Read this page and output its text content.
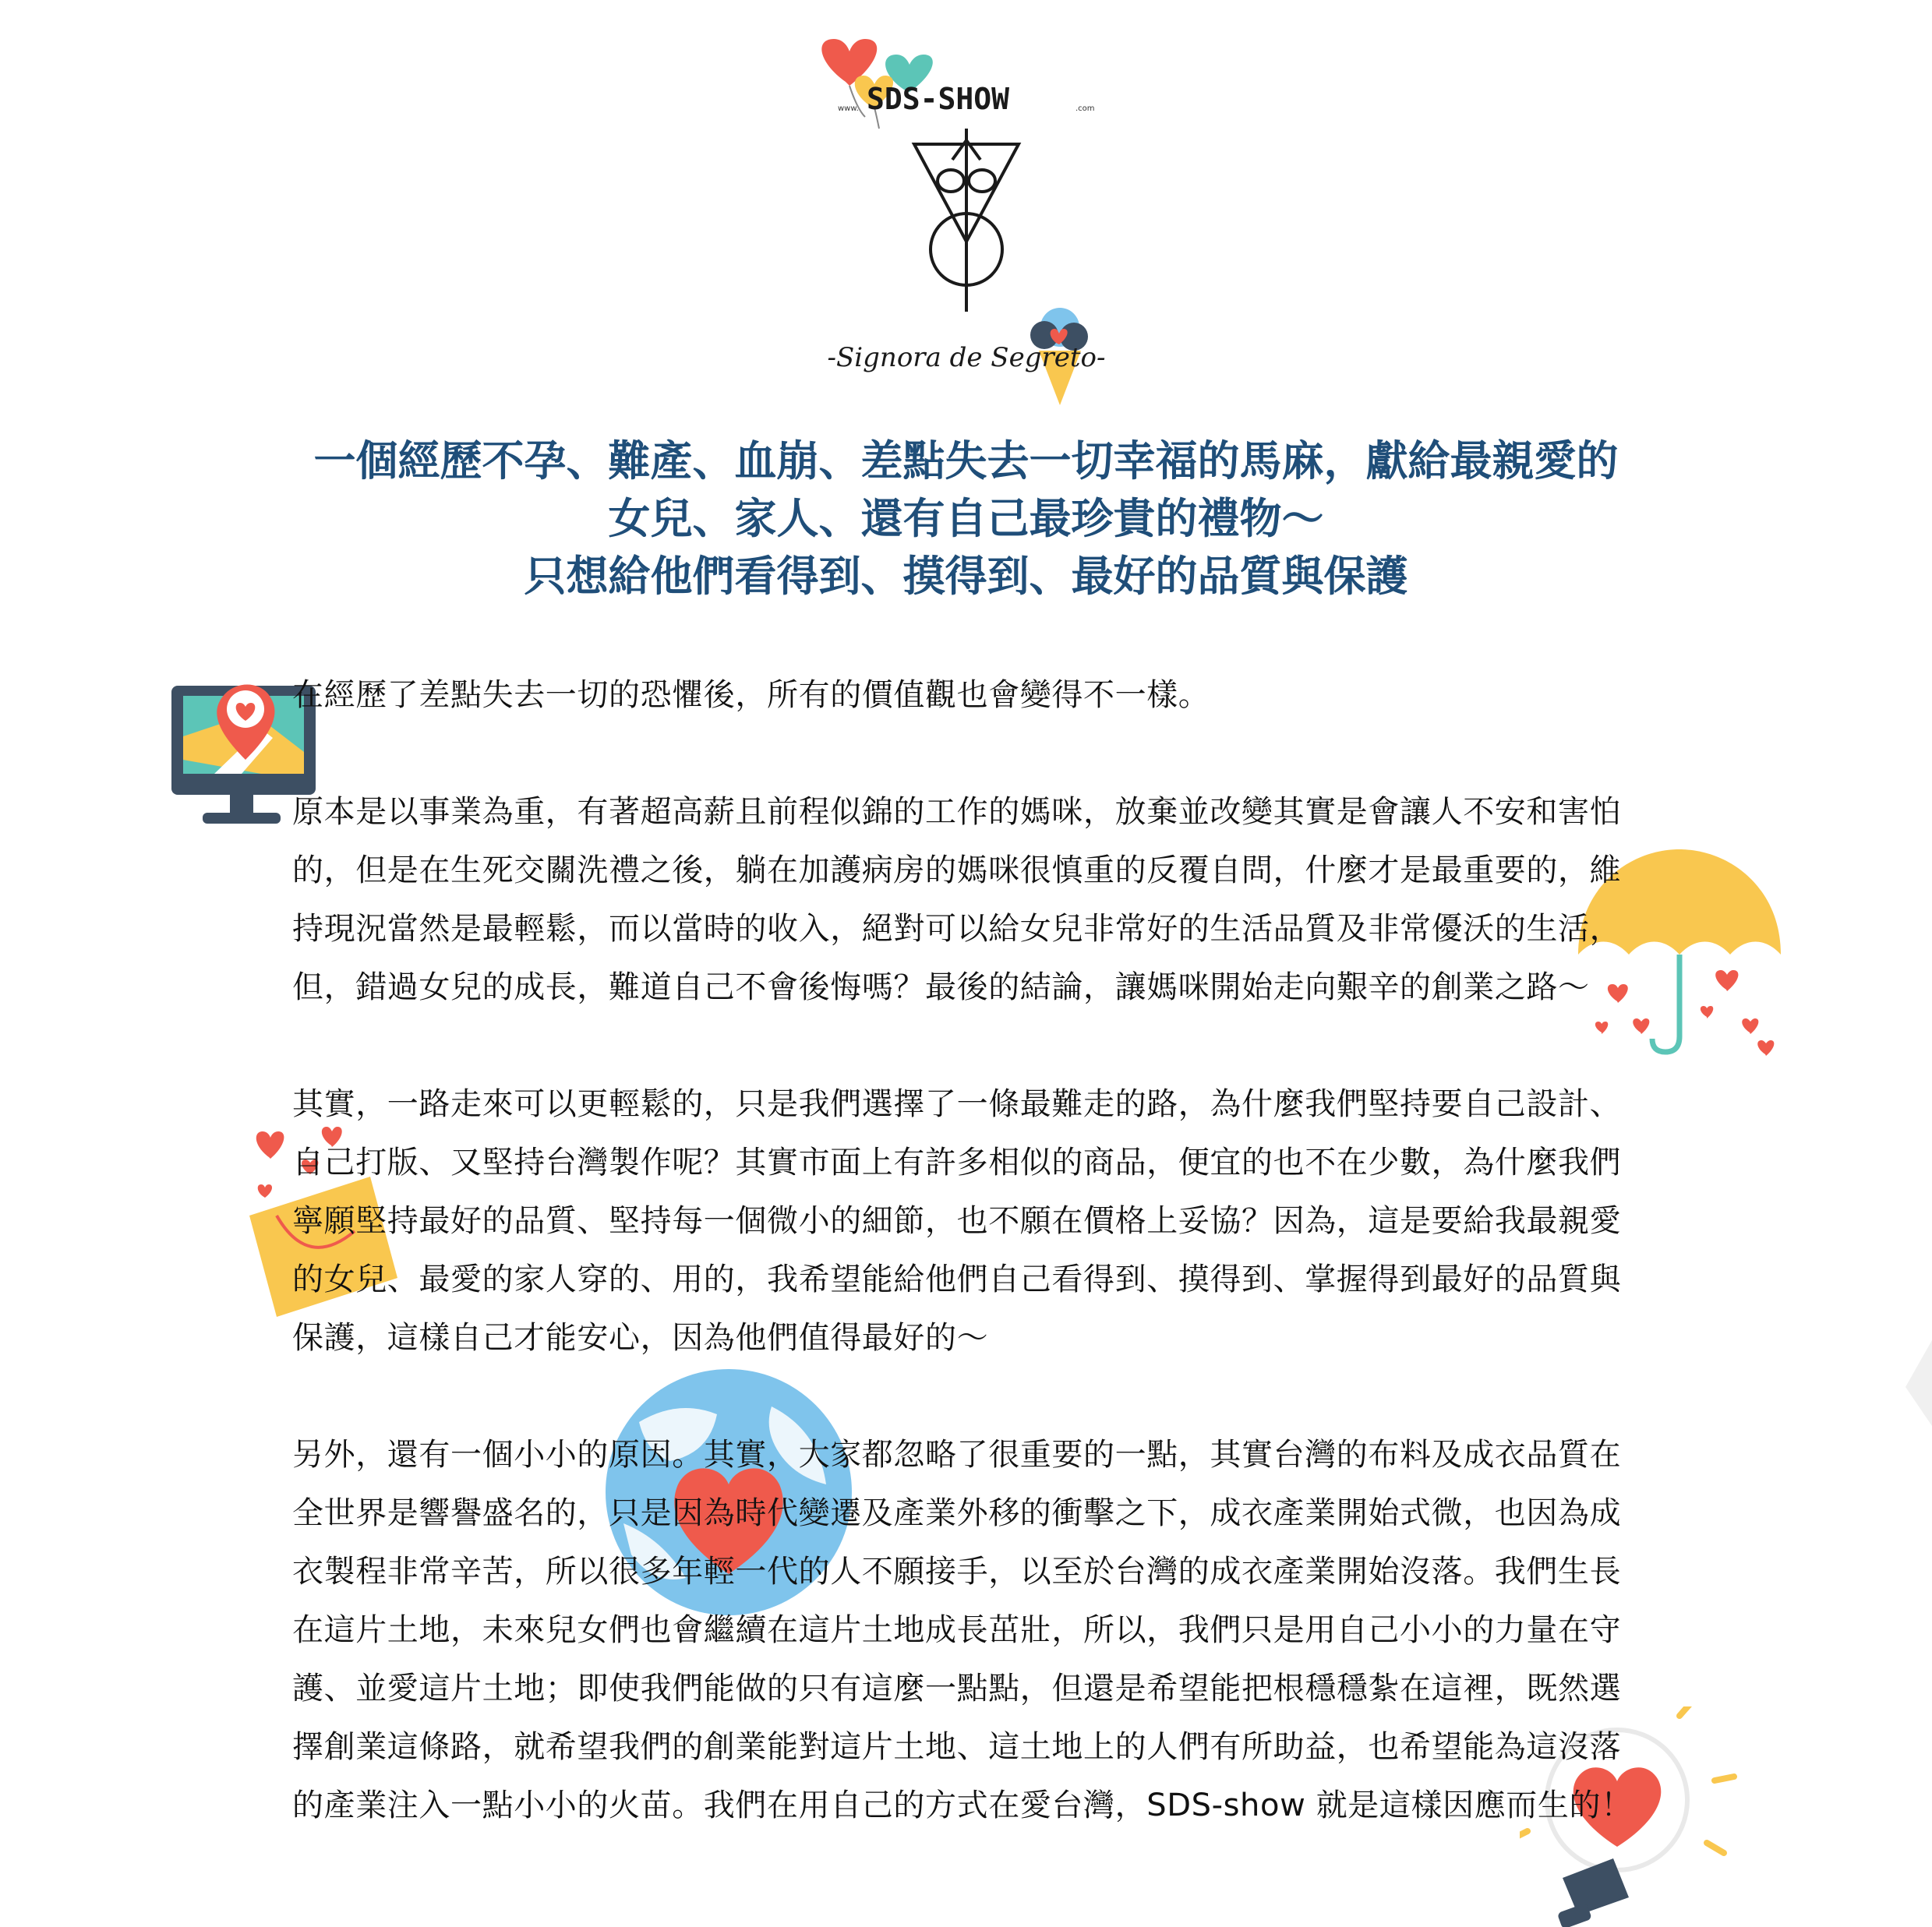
SDS-SHOW
www.	.com
-Signora de Segreto-
一個經歷不孕、難產、血崩、差點失去一切幸福的馬麻，獻給最親愛的
女兒、家人、還有自己最珍貴的禮物～
只想給他們看得到、摸得到、最好的品質與保護
在經歷了差點失去一切的恐懼後，所有的價值觀也會變得不一樣。
原本是以事業為重，有著超高薪且前程似錦的工作的媽咪，放棄並改變其實是會讓人不安和害怕
的，但是在生死交關洗禮之後，躺在加護病房的媽咪很慎重的反覆自問，什麼才是最重要的，維
持現況當然是最輕鬆，而以當時的收入，絕對可以給女兒非常好的生活品質及非常優沃的生活，
但，錯過女兒的成長，難道自己不會後悔嗎？最後的結論，讓媽咪開始走向艱辛的創業之路～
其實，一路走來可以更輕鬆的，只是我們選擇了一條最難走的路，為什麼我們堅持要自己設計、
自己打版、又堅持台灣製作呢？其實市面上有許多相似的商品，便宜的也不在少數，為什麼我們
寧願堅持最好的品質、堅持每一個微小的細節，也不願在價格上妥協？因為，這是要給我最親愛
的女兒、最愛的家人穿的、用的，我希望能給他們自己看得到、摸得到、掌握得到最好的品質與
保護，這樣自己才能安心，因為他們值得最好的～
另外，還有一個小小的原因。其實，大家都忽略了很重要的一點，其實台灣的布料及成衣品質在
全世界是響譽盛名的，只是因為時代變遷及產業外移的衝擊之下，成衣產業開始式微，也因為成
衣製程非常辛苦，所以很多年輕一代的人不願接手，以至於台灣的成衣產業開始沒落。我們生長
在這片土地，未來兒女們也會繼續在這片土地成長茁壯，所以，我們只是用自己小小的力量在守
護、並愛這片土地；即使我們能做的只有這麼一點點，但還是希望能把根穩穩紮在這裡，既然選
擇創業這條路，就希望我們的創業能對這片土地、這土地上的人們有所助益，也希望能為這沒落
的產業注入一點小小的火苗。我們在用自己的方式在愛台灣，SDS-show 就是這樣因應而生的！
